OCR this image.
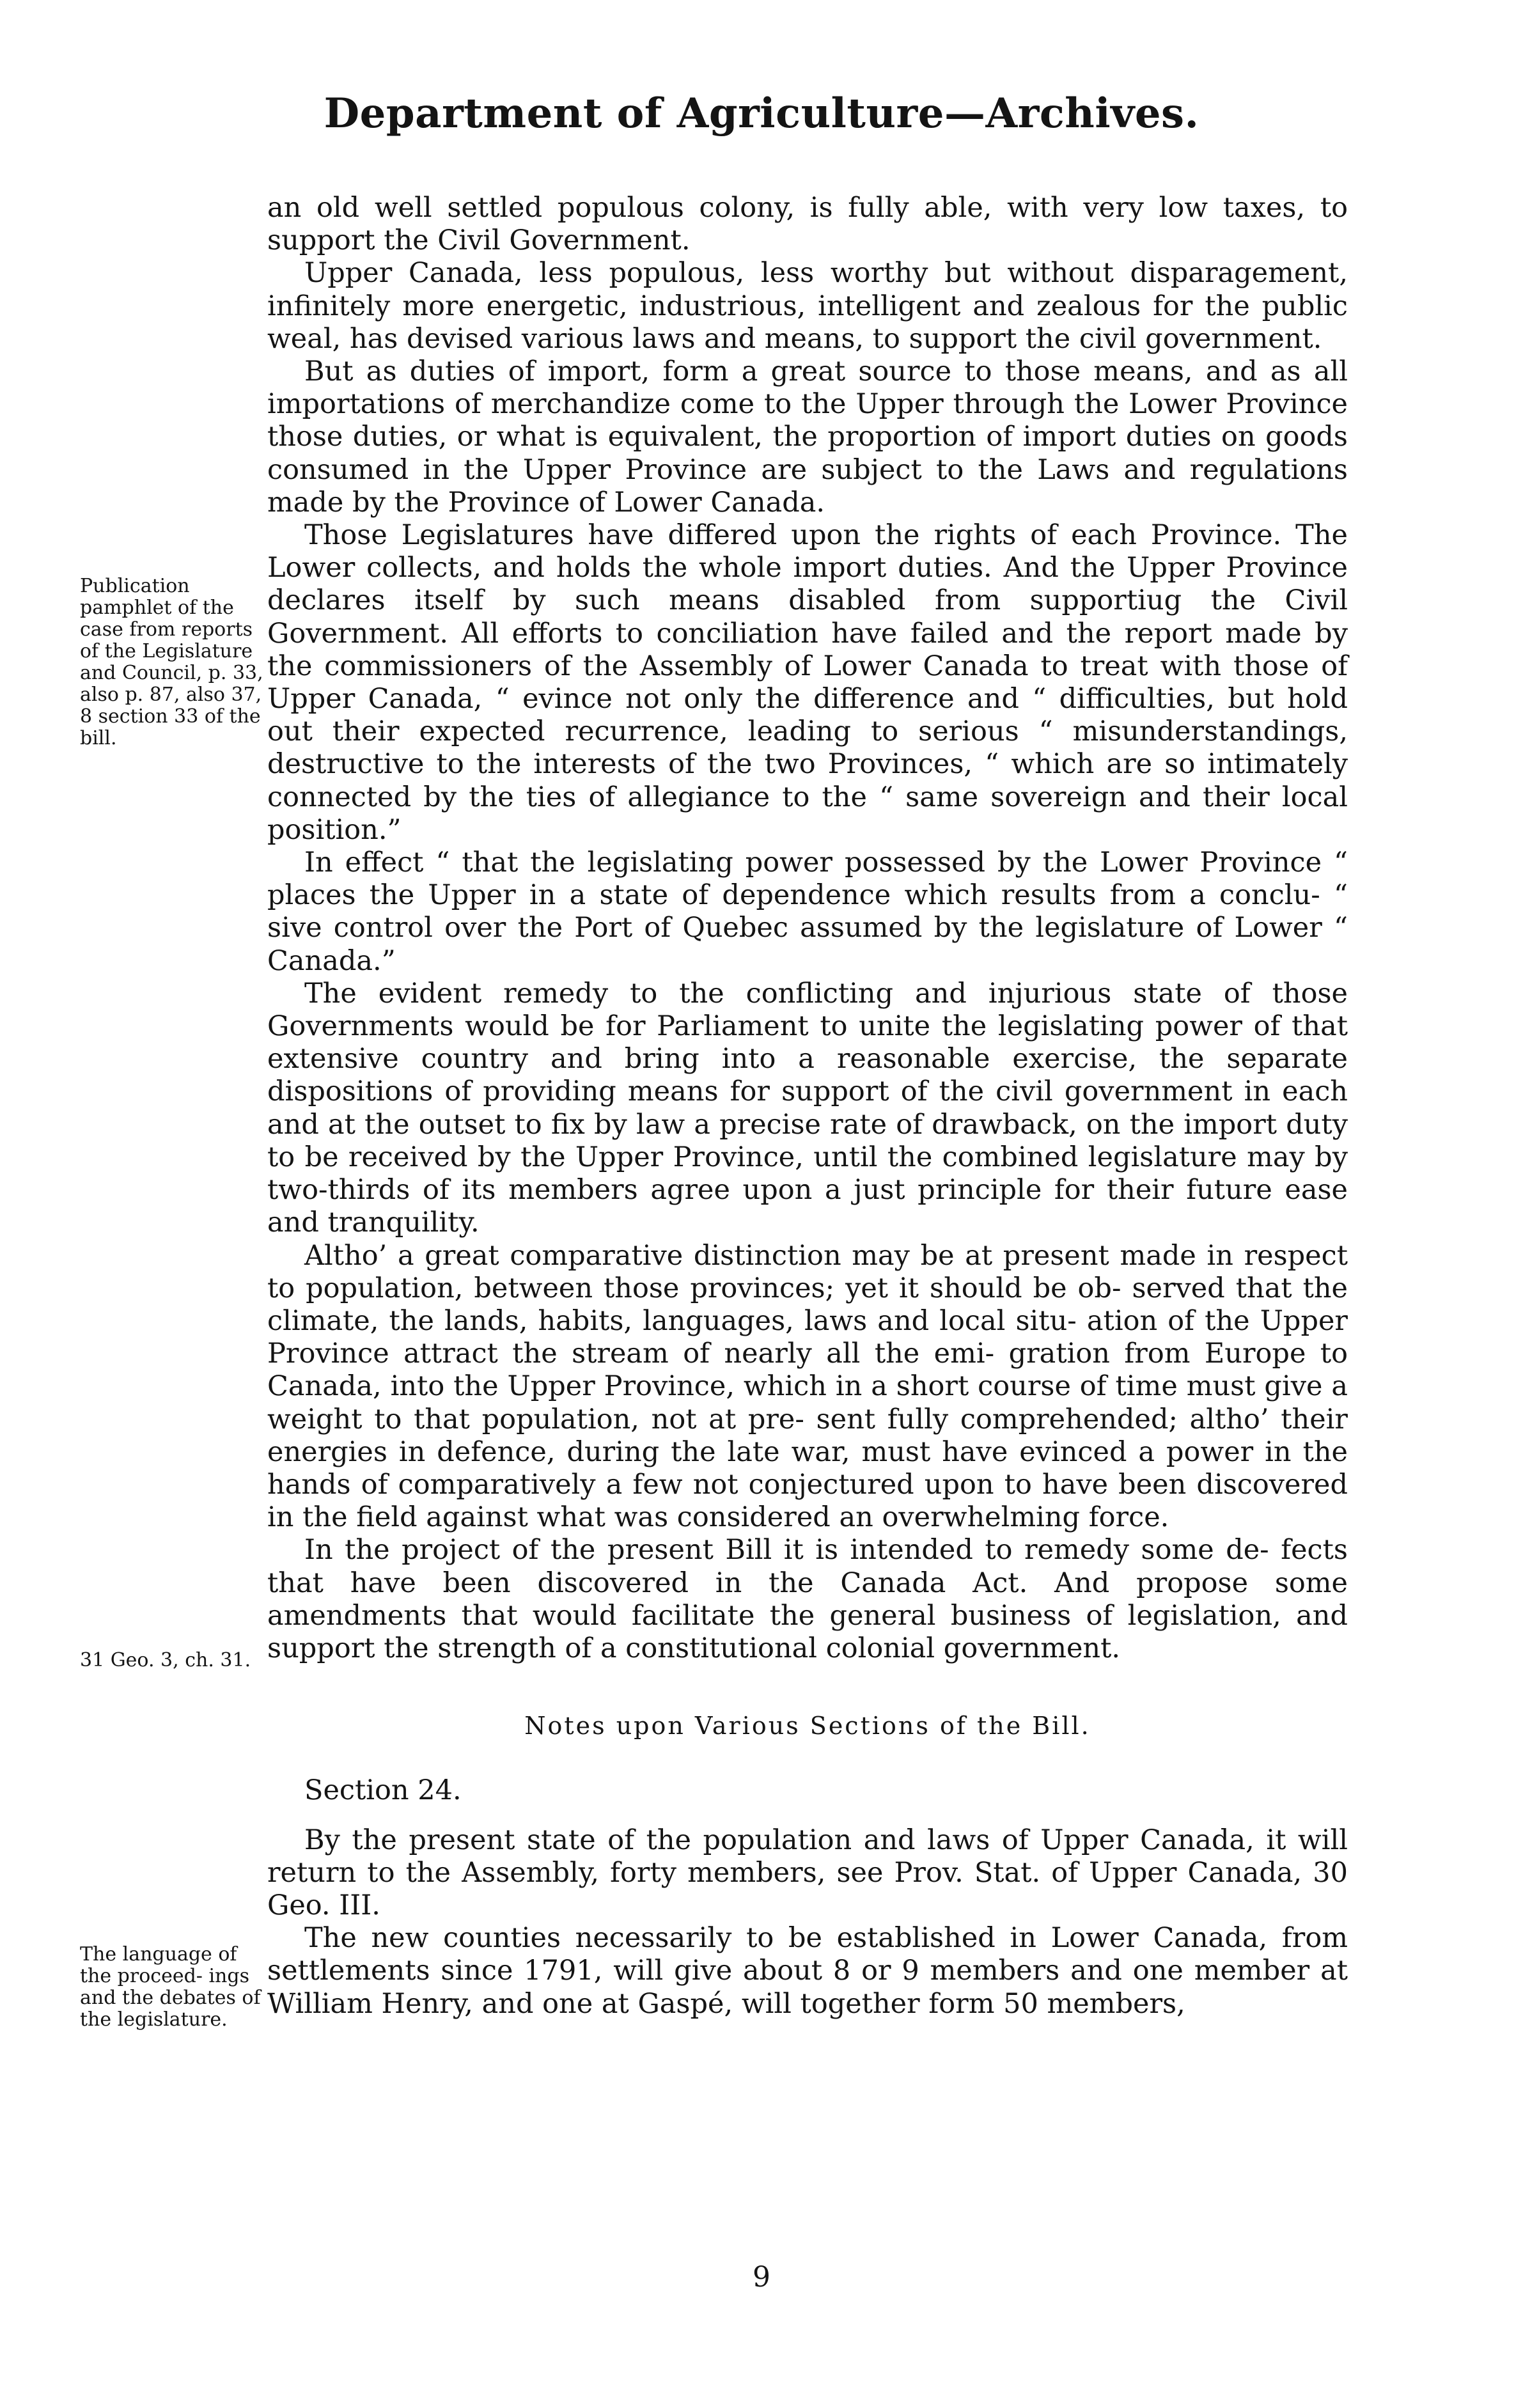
Department of Agriculture—Archives.

an old well settled populous colony, is fully able, with very low taxes, to support the Civil Government.

Upper Canada, less populous, less worthy but without disparagement, infinitely more energetic, industrious, intelligent and zealous for the public weal, has devised various laws and means, to support the civil government.

But as duties of import, form a great source to those means, and as all importations of merchandize come to the Upper through the Lower Province those duties, or what is equivalent, the proportion of import duties on goods consumed in the Upper Province are subject to the Laws and regulations made by the Province of Lower Canada.

Those Legislatures have differed upon the rights of each Province. The Lower collects, and holds the whole import duties. And the Upper Province declares itself by such means disabled from supportiug the Civil Government. All efforts to conciliation have failed and the report made by the commissioners of the Assembly of Lower Canada to treat with those of Upper Canada, “ evince not only the difference and “ difficulties, but hold out their expected recurrence, leading to serious “ misunderstandings, destructive to the interests of the two Provinces, “ which are so intimately connected by the ties of allegiance to the “ same sovereign and their local position.”

In effect “ that the legislating power possessed by the Lower Province “ places the Upper in a state of dependence which results from a conclu- “ sive control over the Port of Quebec assumed by the legislature of Lower “ Canada.”

The evident remedy to the conflicting and injurious state of those Governments would be for Parliament to unite the legislating power of that extensive country and bring into a reasonable exercise, the separate dispositions of providing means for support of the civil government in each and at the outset to fix by law a precise rate of drawback, on the import duty to be received by the Upper Province, until the combined legislature may by two-thirds of its members agree upon a just principle for their future ease and tranquility.

Altho’ a great comparative distinction may be at present made in respect to population, between those provinces; yet it should be ob- served that the climate, the lands, habits, languages, laws and local situ- ation of the Upper Province attract the stream of nearly all the emi- gration from Europe to Canada, into the Upper Province, which in a short course of time must give a weight to that population, not at pre- sent fully comprehended; altho’ their energies in defence, during the late war, must have evinced a power in the hands of comparatively a few not conjectured upon to have been discovered in the field against what was considered an overwhelming force.

In the project of the present Bill it is intended to remedy some de- fects that have been discovered in the Canada Act. And propose some amendments that would facilitate the general business of legislation, and support the strength of a constitutional colonial government.

Notes upon Various Sections of the Bill.

Section 24.

By the present state of the population and laws of Upper Canada, it will return to the Assembly, forty members, see Prov. Stat. of Upper Canada, 30 Geo. III.

The new counties necessarily to be established in Lower Canada, from settlements since 1791, will give about 8 or 9 members and one member at William Henry, and one at Gaspé, will together form 50 members,

Publication pamphlet of the case from reports of the Legislature and Council, p. 33, also p. 87, also 37, 8 section 33 of the bill.
31 Geo. 3, ch. 31.
The language of the proceed- ings and the debates of the legislature.
9
